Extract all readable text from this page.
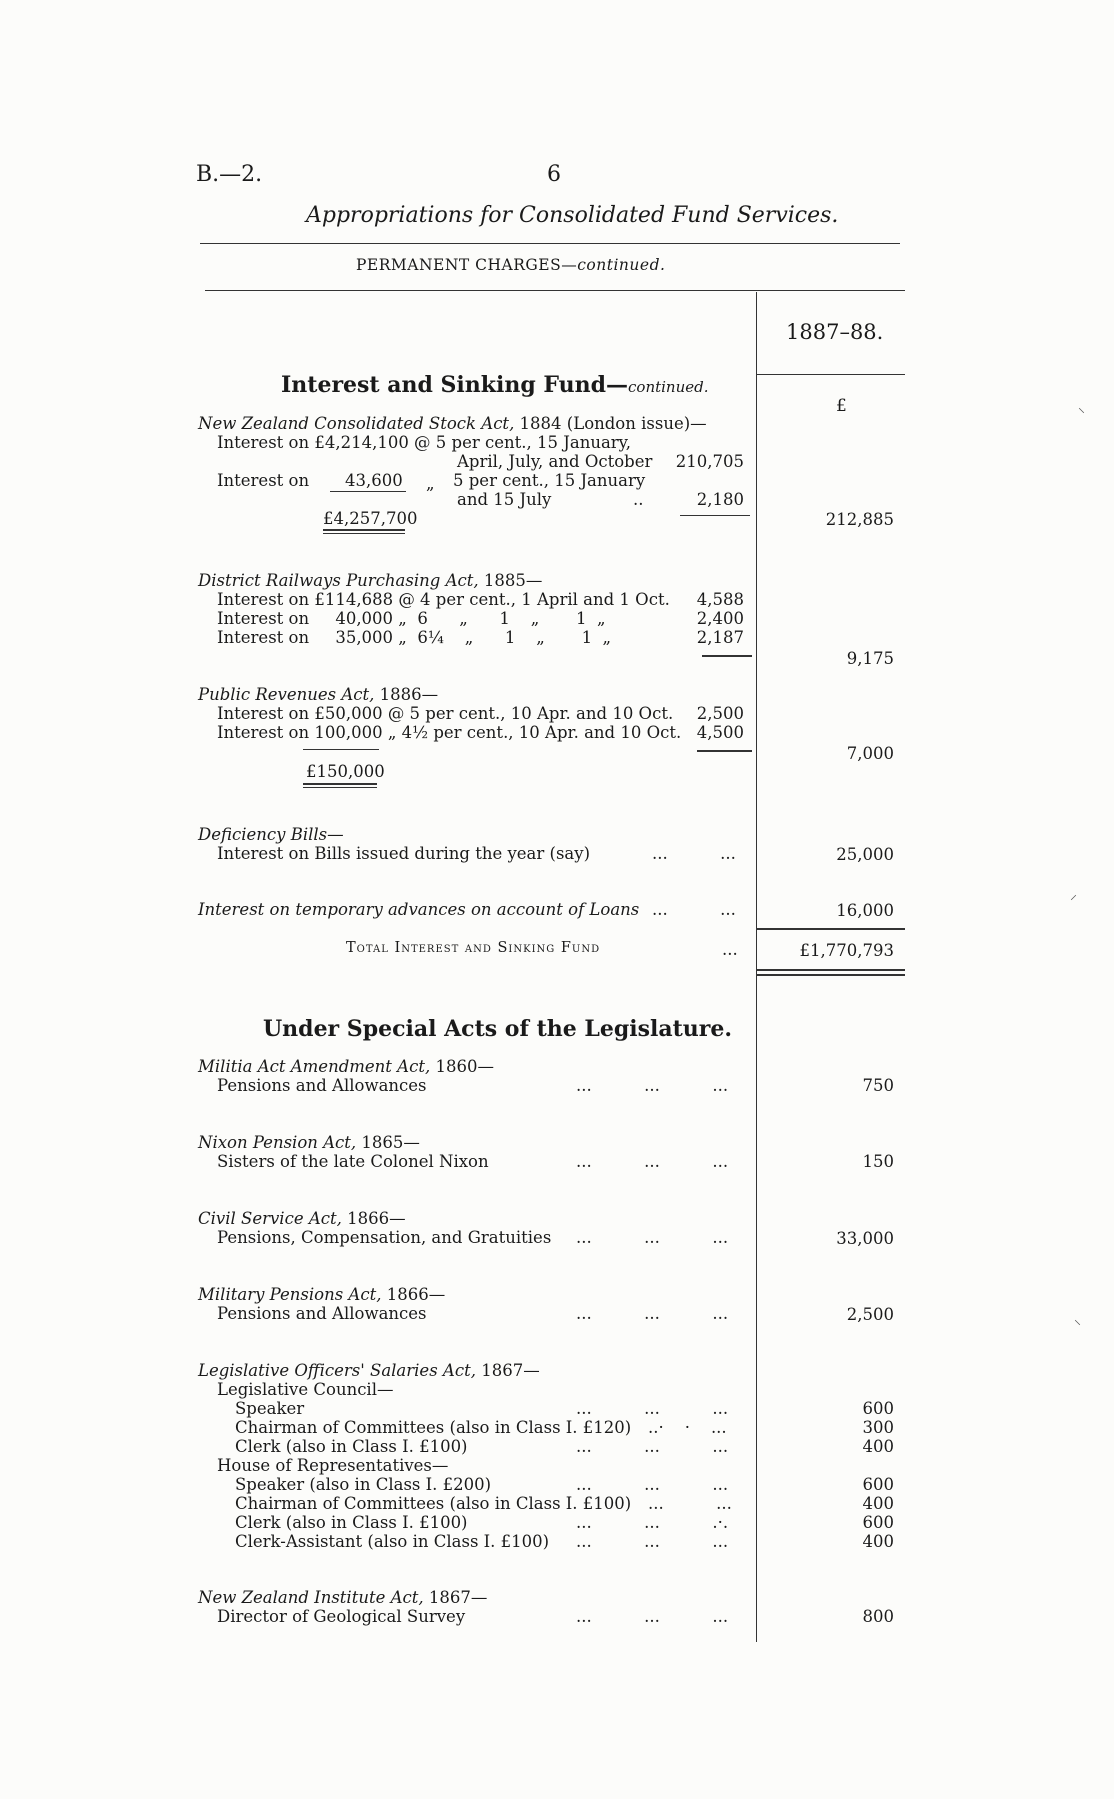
B.—2.	6
Appropriations for Consolidated Fund Services.
PERMANENT CHARGES—continued.
1887–88.
£
Interest and Sinking Fund—continued.
New Zealand Consolidated Stock Act, 1884 (London issue)—
Interest on £4,214,100 @ 5 per cent., 15 January,
April, July, and October	210,705
Interest on 43,600 „ 5 per cent., 15 January
and 15 July	..	2,180
£4,257,700	212,885
District Railways Purchasing Act, 1885—
Interest on £114,688 @ 4 per cent., 1 April and 1 Oct.	4,588
Interest on     40,000 „  6      „      1    „       1  „	2,400
Interest on     35,000 „  6¼    „      1    „       1  „	2,187
9,175
Public Revenues Act, 1886—
Interest on £50,000 @ 5 per cent., 10 Apr. and 10 Oct.	2,500
Interest on 100,000 „ 4½ per cent., 10 Apr. and 10 Oct. 4,500
7,000
£150,000
Deficiency Bills—
Interest on Bills issued during the year (say)	...          ...	25,000
Interest on temporary advances on account of Loans ...          ...	16,000
Total Interest and Sinking Fund	...	£1,770,793
Under Special Acts of the Legislature.
Militia Act Amendment Act, 1860—
Pensions and Allowances	...          ...          ...	750
Nixon Pension Act, 1865—
Sisters of the late Colonel Nixon	...          ...          ...	150
Civil Service Act, 1866—
Pensions, Compensation, and Gratuities ...          ...          ...	33,000
Military Pensions Act, 1866—
Pensions and Allowances	...          ...          ...	2,500
Legislative Officers' Salaries Act, 1867—
Legislative Council—
Speaker	...          ...          ...	600
Chairman of Committees (also in Class I. £120) ..·    ·    ...	300
Clerk (also in Class I. £100)	...          ...          ...	400
House of Representatives—
Speaker (also in Class I. £200)	...          ...          ...	600
Chairman of Committees (also in Class I. £100) ...          ...	400
Clerk (also in Class I. £100)	...          ...          .·.	600
Clerk-Assistant (also in Class I. £100) ...          ...          ...	400
New Zealand Institute Act, 1867—
Director of Geological Survey	...          ...          ...	800
⸜
⸝
⸜
